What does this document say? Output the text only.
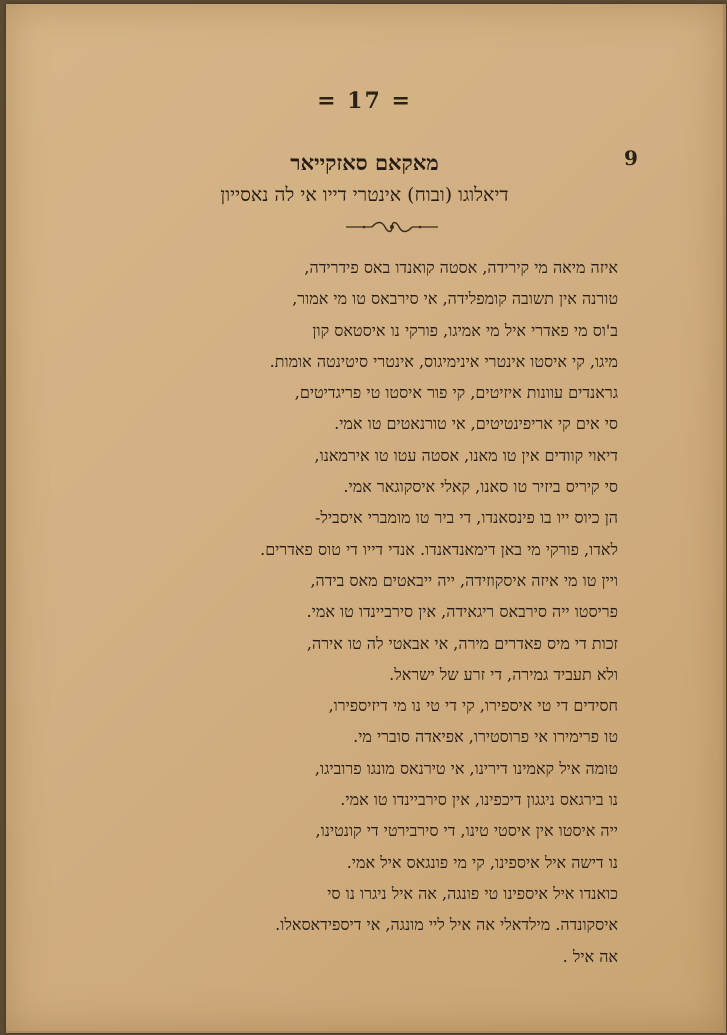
= 17 =
9
מאקאם סאזקייאר
דיאלוגו (ובוח) אינטרי דייו אי לה נאסייון
איזה מיאה מי קירידה, אסטה קואנדו באס פידרידה,
טורנה אין תשובה קומפלידה, אי סירבאס טו מי אמור,
ב'וס מי פאדרי איל מי אמיגו, פורקי נו איסטאס קון
מיגו, קי איסטו אינטרי אינימיגוס, אינטרי סיטינטה אומות.
גראנדים עוונות איזיטים, קי פור איסטו טי פריגדיטים,
סי אים קי אריפינטיטים, אי טורנאטים טו אמי.
דיאוי קוודים אין טו מאנו, אסטה עטו טו אירמאנו,
סי קיריס ביזיר טו סאנו, קאלי איסקוגאר אמי.
הן כיוס ייו בו פינסאנדו, די ביר טו מומברי איסביל-
לאדו, פורקי מי באן דימאנדאנדו. אנדי דייו די טוס פאדרים.
ויין טו מי איזה איסקוזידה, ייה ייבאטים מאס בידה,
פריסטו ייה סירבאס ריגאידה, אין סירביינדו טו אמי.
זכות די מיס פאדרים מירה, אי אבאטי לה טו אירה,
ולא תעביד גמירה, די זרע של ישראל.
חסידים די טי איספירו, קי די טי נו מי דיזיספירו,
טו פרימירו אי פרוסטירו, אפיאדה סוברי מי.
טומה איל קאמינו דירינו, אי טירנאס מונגו פרוביגו,
נו בירגאס ניגגון דיכפינו, אין סירביינדו טו אמי.
ייה איסטו אין איסטי טינו, די סירבירטי די קונטינו,
נו דישה איל איספינו, קי מי פונגאס איל אמי.
כואנדו איל איספינו טי פונגה, אה איל ניגרו נו סי
איסקונדה. מילדאלי אה איל ליי מונגה, אי דיספידאסאלו.
אה איל .
